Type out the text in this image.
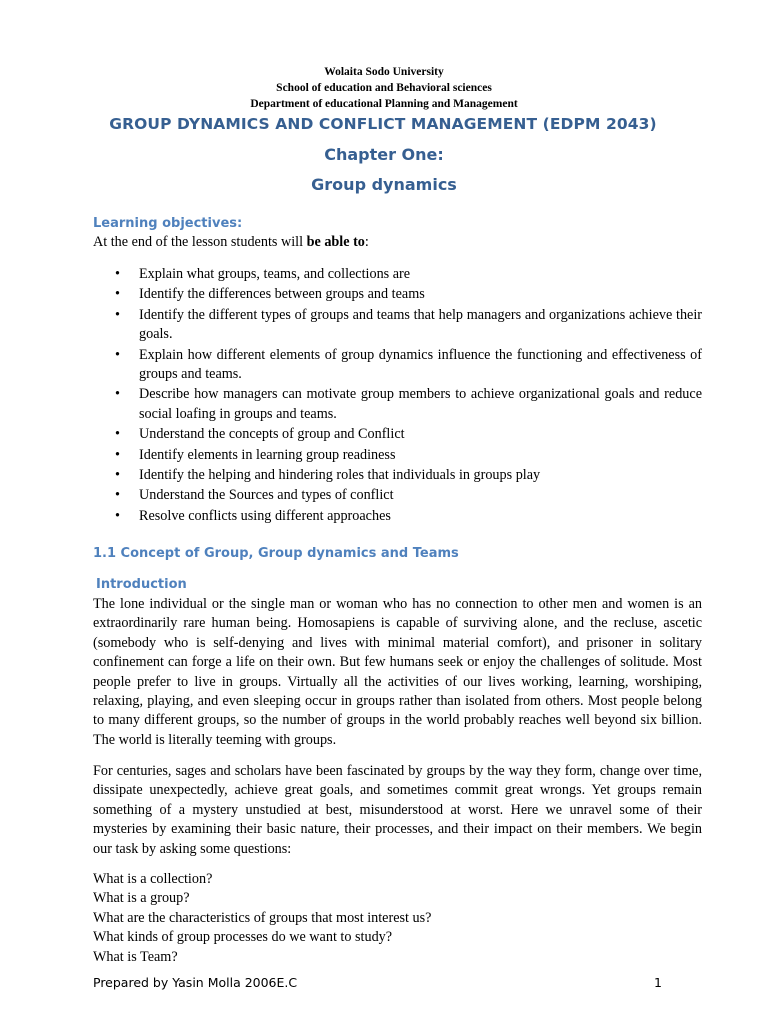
Wolaita Sodo University
School of education and Behavioral sciences
Department of educational Planning and Management
GROUP DYNAMICS AND CONFLICT MANAGEMENT (EDPM 2043)
Chapter One:
Group dynamics
Learning objectives:
At the end of the lesson students will be able to:
• Explain what groups, teams, and collections are
• Identify the differences between groups and teams
• Identify the different types of groups and teams that help managers and organizations achieve their goals.
• Explain how different elements of group dynamics influence the functioning and effectiveness of groups and teams.
• Describe how managers can motivate group members to achieve organizational goals and reduce social loafing in groups and teams.
• Understand the concepts of group and Conflict
• Identify elements in learning group readiness
• Identify the helping and hindering roles that individuals in groups play
• Understand the Sources and types of conflict
• Resolve conflicts using different approaches
1.1 Concept of Group, Group dynamics and Teams
Introduction
The lone individual or the single man or woman who has no connection to other men and women is an extraordinarily rare human being. Homosapiens is capable of surviving alone, and the recluse, ascetic (somebody who is self-denying and lives with minimal material comfort), and prisoner in solitary confinement can forge a life on their own. But few humans seek or enjoy the challenges of solitude. Most people prefer to live in groups. Virtually all the activities of our lives working, learning, worshiping, relaxing, playing, and even sleeping occur in groups rather than isolated from others. Most people belong to many different groups, so the number of groups in the world probably reaches well beyond six billion. The world is literally teeming with groups.
For centuries, sages and scholars have been fascinated by groups by the way they form, change over time, dissipate unexpectedly, achieve great goals, and sometimes commit great wrongs. Yet groups remain something of a mystery unstudied at best, misunderstood at worst. Here we unravel some of their mysteries by examining their basic nature, their processes, and their impact on their members. We begin our task by asking some questions:
What is a collection?
What is a group?
What are the characteristics of groups that most interest us?
What kinds of group processes do we want to study?
What is Team?
Prepared by Yasin Molla 2006E.C	1
